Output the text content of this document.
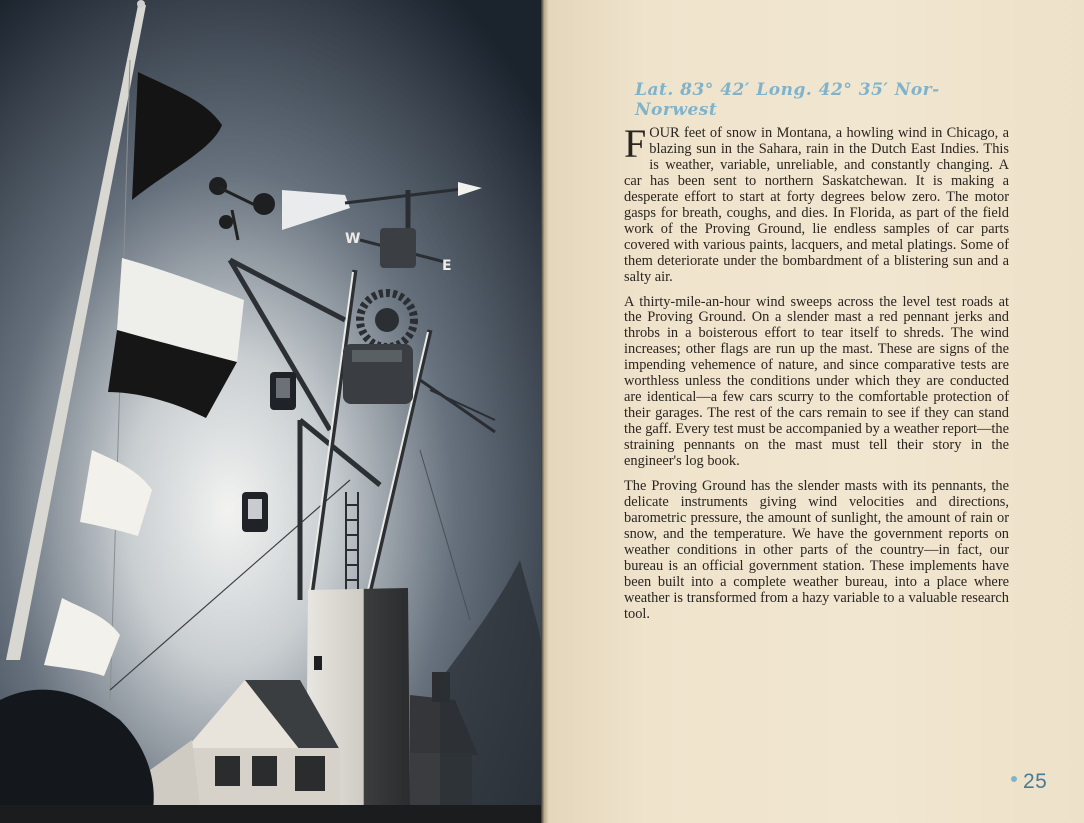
W
E
Lat. 83° 42′ Long. 42° 35′ Nor-Norwest

FOUR feet of snow in Montana, a howling wind in Chicago, a blazing sun in the Sahara, rain in the Dutch East Indies. This is weather, variable, unreliable, and constantly changing. A car has been sent to northern Saskatchewan. It is making a desperate effort to start at forty degrees below zero. The motor gasps for breath, coughs, and dies. In Florida, as part of the field work of the Proving Ground, lie endless samples of car parts covered with various paints, lacquers, and metal platings. Some of them deteriorate under the bombardment of a blistering sun and a salty air.

A thirty-mile-an-hour wind sweeps across the level test roads at the Proving Ground. On a slender mast a red pennant jerks and throbs in a boisterous effort to tear itself to shreds. The wind increases; other flags are run up the mast. These are signs of the impending vehemence of nature, and since comparative tests are worthless unless the conditions under which they are conducted are identical—a few cars scurry to the comfortable protection of their garages. The rest of the cars remain to see if they can stand the gaff. Every test must be accompanied by a weather report—the straining pennants on the mast must tell their story in the engineer's log book.

The Proving Ground has the slender masts with its pennants, the delicate instruments giving wind velocities and directions, barometric pressure, the amount of sunlight, the amount of rain or snow, and the temperature. We have the government reports on weather conditions in other parts of the country—in fact, our bureau is an official government station. These implements have been built into a complete weather bureau, into a place where weather is transformed from a hazy variable to a valuable research tool.

25
